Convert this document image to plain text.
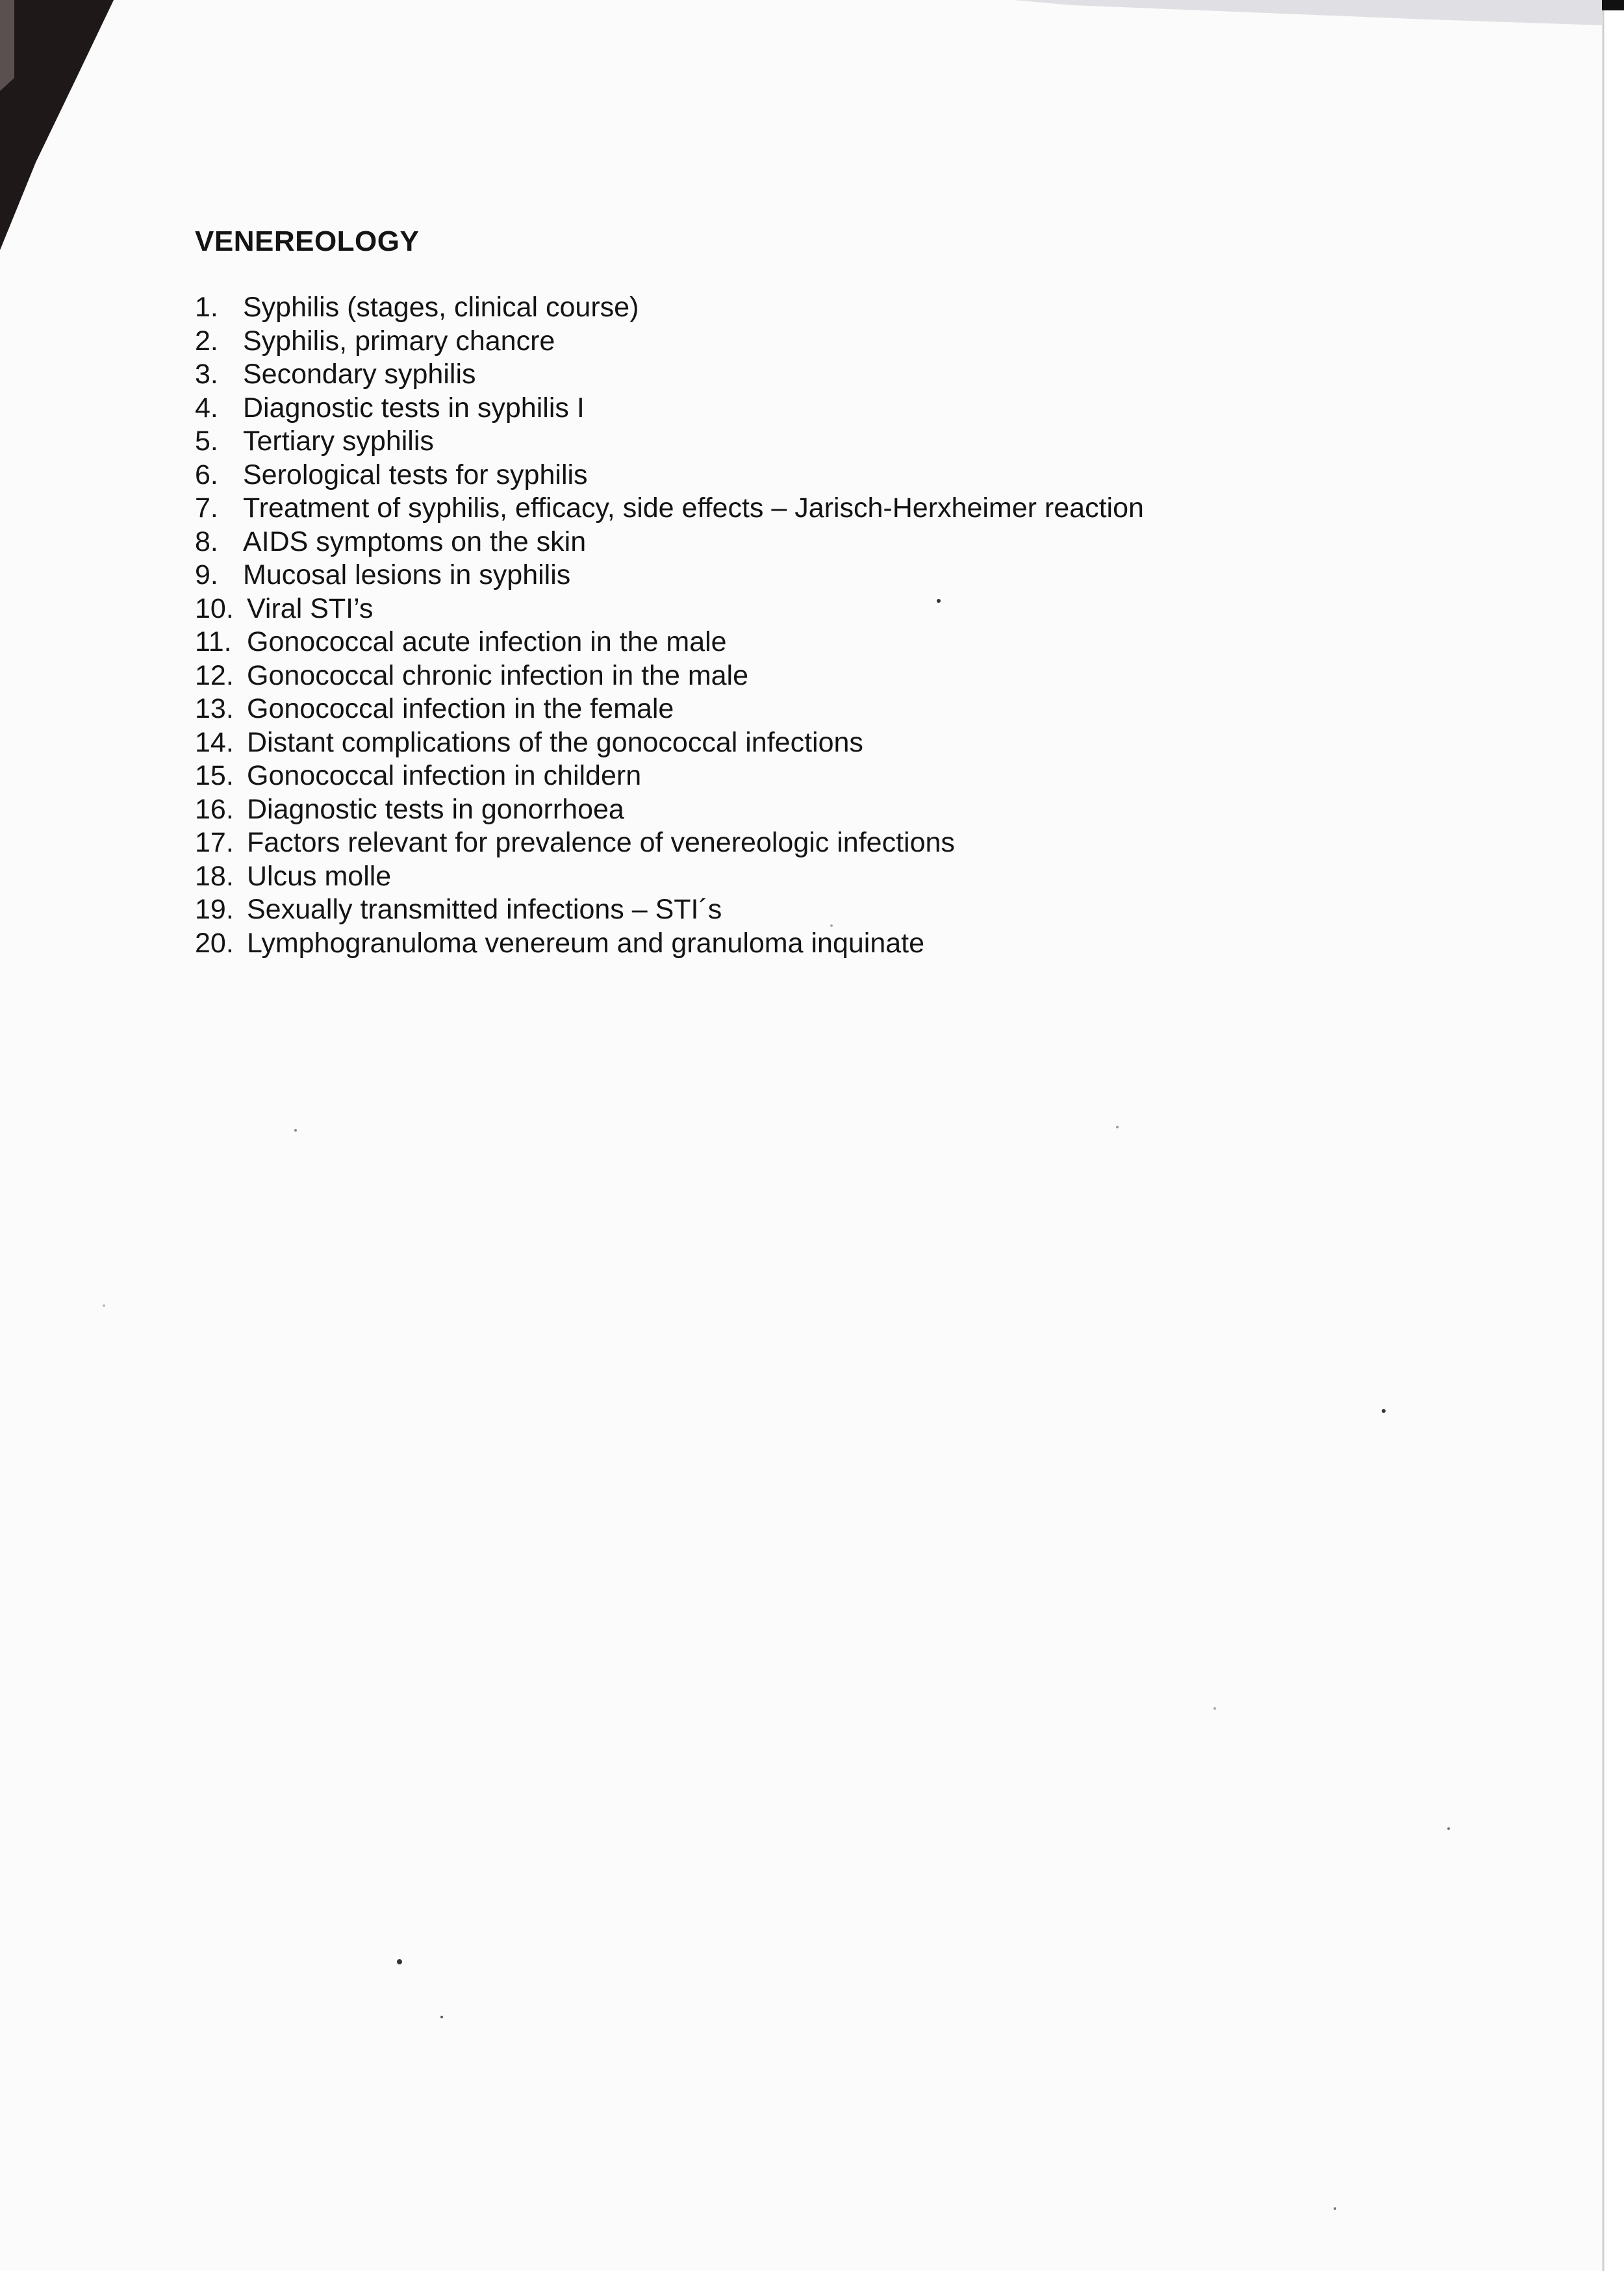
VENEREOLOGY
1. Syphilis (stages, clinical course)
2. Syphilis, primary chancre
3. Secondary syphilis
4. Diagnostic tests in syphilis I
5. Tertiary syphilis
6. Serological tests for syphilis
7. Treatment of syphilis, efficacy, side effects – Jarisch-Herxheimer reaction
8. AIDS symptoms on the skin
9. Mucosal lesions in syphilis
10. Viral STI’s
11. Gonococcal acute infection in the male
12. Gonococcal chronic infection in the male
13. Gonococcal infection in the female
14. Distant complications of the gonococcal infections
15. Gonococcal infection in childern
16. Diagnostic tests in gonorrhoea
17. Factors relevant for prevalence of venereologic infections
18. Ulcus molle
19. Sexually transmitted infections – STI´s
20. Lymphogranuloma venereum and granuloma inquinate
